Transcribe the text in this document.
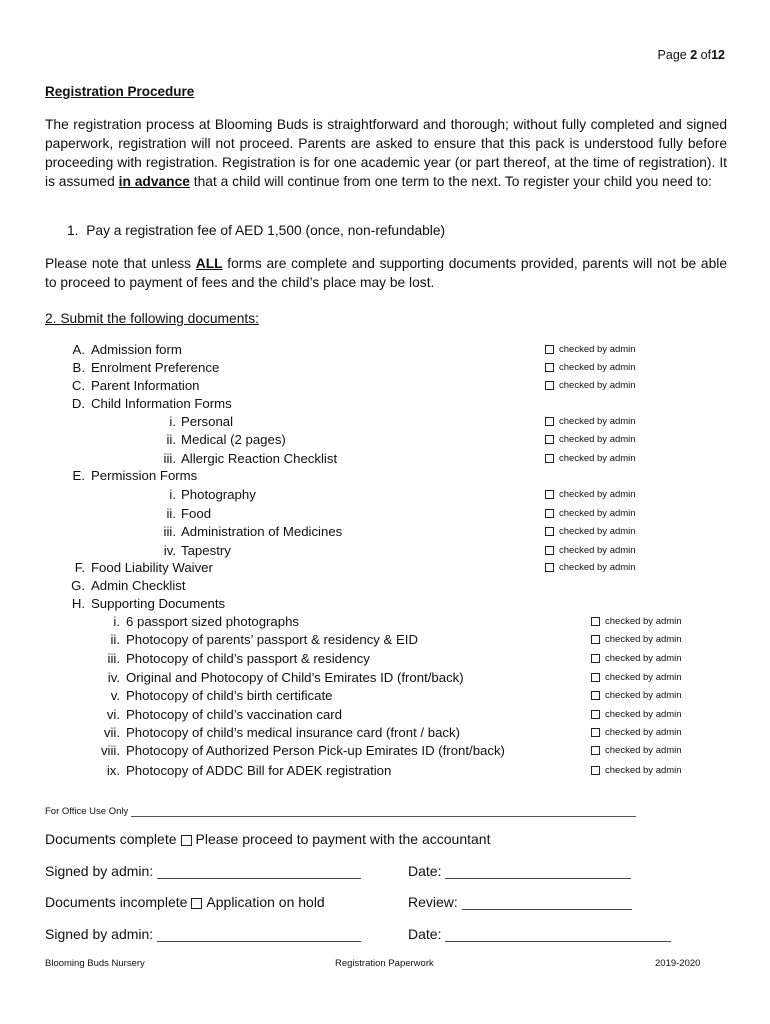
Page 2 of12
Registration Procedure
The registration process at Blooming Buds is straightforward and thorough; without fully completed and signed paperwork, registration will not proceed. Parents are asked to ensure that this pack is understood fully before proceeding with registration. Registration is for one academic year (or part thereof, at the time of registration). It is assumed in advance that a child will continue from one term to the next. To register your child you need to:
1. Pay a registration fee of AED 1,500 (once, non-refundable)
Please note that unless ALL forms are complete and supporting documents provided, parents will not be able to proceed to payment of fees and the child’s place may be lost.
2. Submit the following documents:
A. Admission form	checked by admin
B. Enrolment Preference	checked by admin
C. Parent Information	checked by admin
D. Child Information Forms
i. Personal	checked by admin
ii. Medical (2 pages)	checked by admin
iii. Allergic Reaction Checklist	checked by admin
E. Permission Forms
i. Photography	checked by admin
ii. Food	checked by admin
iii. Administration of Medicines	checked by admin
iv. Tapestry	checked by admin
F. Food Liability Waiver	checked by admin
G. Admin Checklist
H. Supporting Documents
i. 6 passport sized photographs	checked by admin
ii. Photocopy of parents’ passport & residency & EID	checked by admin
iii. Photocopy of child’s passport & residency	checked by admin
iv. Original and Photocopy of Child’s Emirates ID (front/back)	checked by admin
v. Photocopy of child’s birth certificate	checked by admin
vi. Photocopy of child’s vaccination card	checked by admin
vii. Photocopy of child’s medical insurance card (front / back)	checked by admin
viii. Photocopy of Authorized Person Pick-up Emirates ID (front/back)	checked by admin
ix. Photocopy of ADDC Bill for ADEK registration	checked by admin
For Office Use Only
Documents complete Please proceed to payment with the accountant
Signed by admin:	Date:
Documents incomplete Application on hold	Review:
Signed by admin:	Date:
Blooming Buds Nursery	Registration Paperwork	2019-2020
